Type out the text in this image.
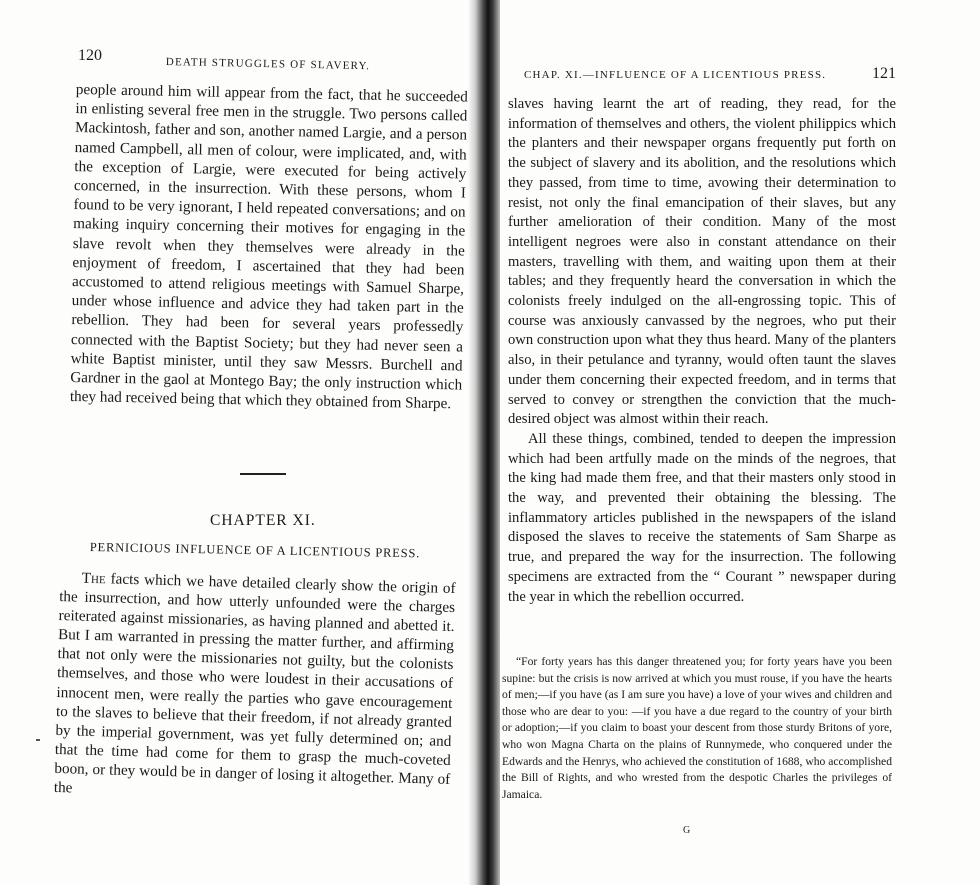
120
DEATH STRUGGLES OF SLAVERY.

people around him will appear from the fact, that he succeeded in enlisting several free men in the struggle. Two persons called Mackintosh, father and son, another named Largie, and a person named Campbell, all men of colour, were implicated, and, with the exception of Largie, were executed for being actively concerned, in the insurrection. With these persons, whom I found to be very ignorant, I held repeated conversations; and on making inquiry concerning their motives for engaging in the slave revolt when they themselves were already in the enjoyment of freedom, I ascertained that they had been accustomed to attend religious meetings with Samuel Sharpe, under whose influence and advice they had taken part in the rebellion. They had been for several years professedly connected with the Baptist Society; but they had never seen a white Baptist minister, until they saw Messrs. Burchell and Gardner in the gaol at Montego Bay; the only instruction which they had received being that which they obtained from Sharpe.

CHAPTER XI.
PERNICIOUS INFLUENCE OF A LICENTIOUS PRESS.
The facts which we have detailed clearly show the origin of the insurrection, and how utterly unfounded were the charges reiterated against missionaries, as having planned and abetted it. But I am warranted in pressing the matter further, and affirming that not only were the missionaries not guilty, but the colonists themselves, and those who were loudest in their accusations of innocent men, were really the parties who gave encouragement to the slaves to believe that their freedom, if not already granted by the imperial government, was yet fully determined on; and that the time had come for them to grasp the much-coveted boon, or they would be in danger of losing it altogether. Many of the
CHAP. XI.—INFLUENCE OF A LICENTIOUS PRESS.	121

slaves having learnt the art of reading, they read, for the information of themselves and others, the violent philippics which the planters and their newspaper organs frequently put forth on the subject of slavery and its abolition, and the resolutions which they passed, from time to time, avowing their determination to resist, not only the final emancipation of their slaves, but any further amelioration of their condition. Many of the most intelligent negroes were also in constant attendance on their masters, travelling with them, and waiting upon them at their tables; and they frequently heard the conversation in which the colonists freely indulged on the all-engrossing topic. This of course was anxiously canvassed by the negroes, who put their own construction upon what they thus heard. Many of the planters also, in their petulance and tyranny, would often taunt the slaves under them concerning their expected freedom, and in terms that served to convey or strengthen the conviction that the much-desired object was almost within their reach.

All these things, combined, tended to deepen the impression which had been artfully made on the minds of the negroes, that the king had made them free, and that their masters only stood in the way, and prevented their obtaining the blessing. The inflammatory articles published in the newspapers of the island disposed the slaves to receive the statements of Sam Sharpe as true, and prepared the way for the insurrection. The following specimens are extracted from the “ Courant ” newspaper during the year in which the rebellion occurred.

“For forty years has this danger threatened you; for forty years have you been supine: but the crisis is now arrived at which you must rouse, if you have the hearts of men;—if you have (as I am sure you have) a love of your wives and children and those who are dear to you: —if you have a due regard to the country of your birth or adoption;—if you claim to boast your descent from those sturdy Britons of yore, who won Magna Charta on the plains of Runnymede, who conquered under the Edwards and the Henrys, who achieved the constitution of 1688, who accomplished the Bill of Rights, and who wrested from the despotic Charles the privileges of Jamaica.
G
